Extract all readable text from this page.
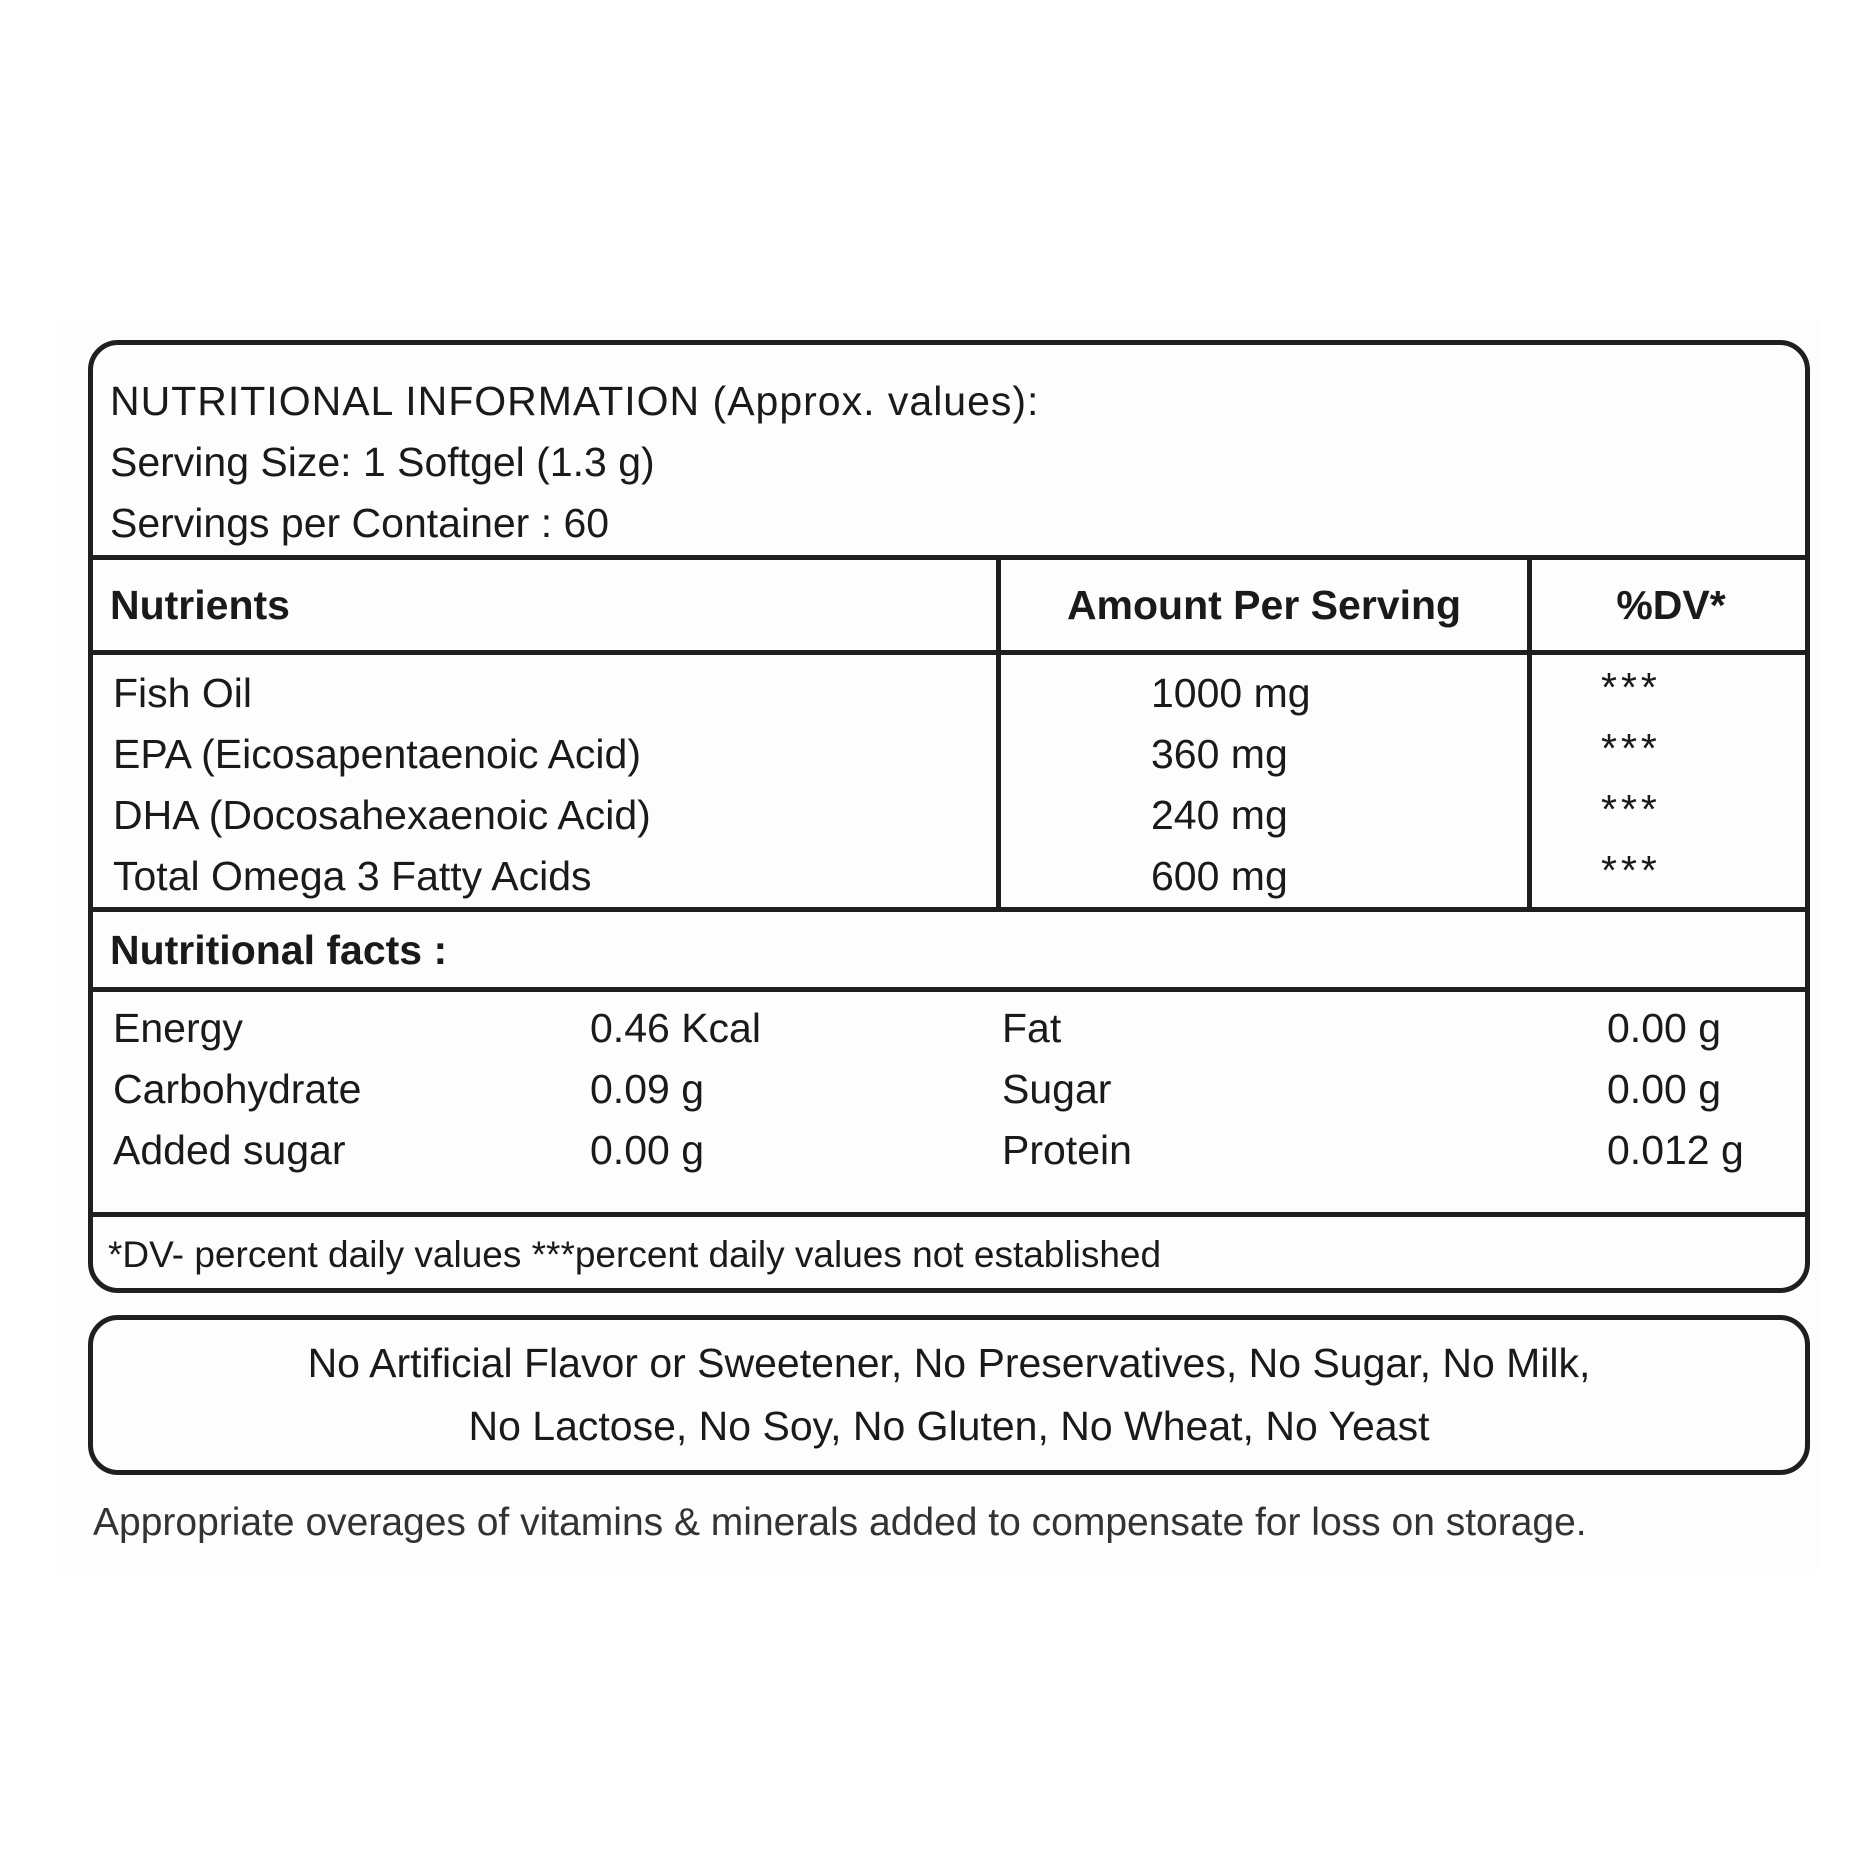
NUTRITIONAL INFORMATION (Approx. values):
Serving Size: 1 Softgel (1.3 g)
Servings per Container : 60
Nutrients	Amount Per Serving	%DV*
Fish Oil	1000 mg	***
EPA (Eicosapentaenoic Acid)	360 mg	***
DHA (Docosahexaenoic Acid)	240 mg	***
Total Omega 3 Fatty Acids	600 mg	***
Nutritional facts :
Energy	0.46 Kcal	Fat	0.00 g
Carbohydrate	0.09 g	Sugar	0.00 g
Added sugar	0.00 g	Protein	0.012 g
*DV- percent daily values ***percent daily values not established
No Artificial Flavor or Sweetener, No Preservatives, No Sugar, No Milk,
No Lactose, No Soy, No Gluten, No Wheat, No Yeast
Appropriate overages of vitamins & minerals added to compensate for loss on storage.
